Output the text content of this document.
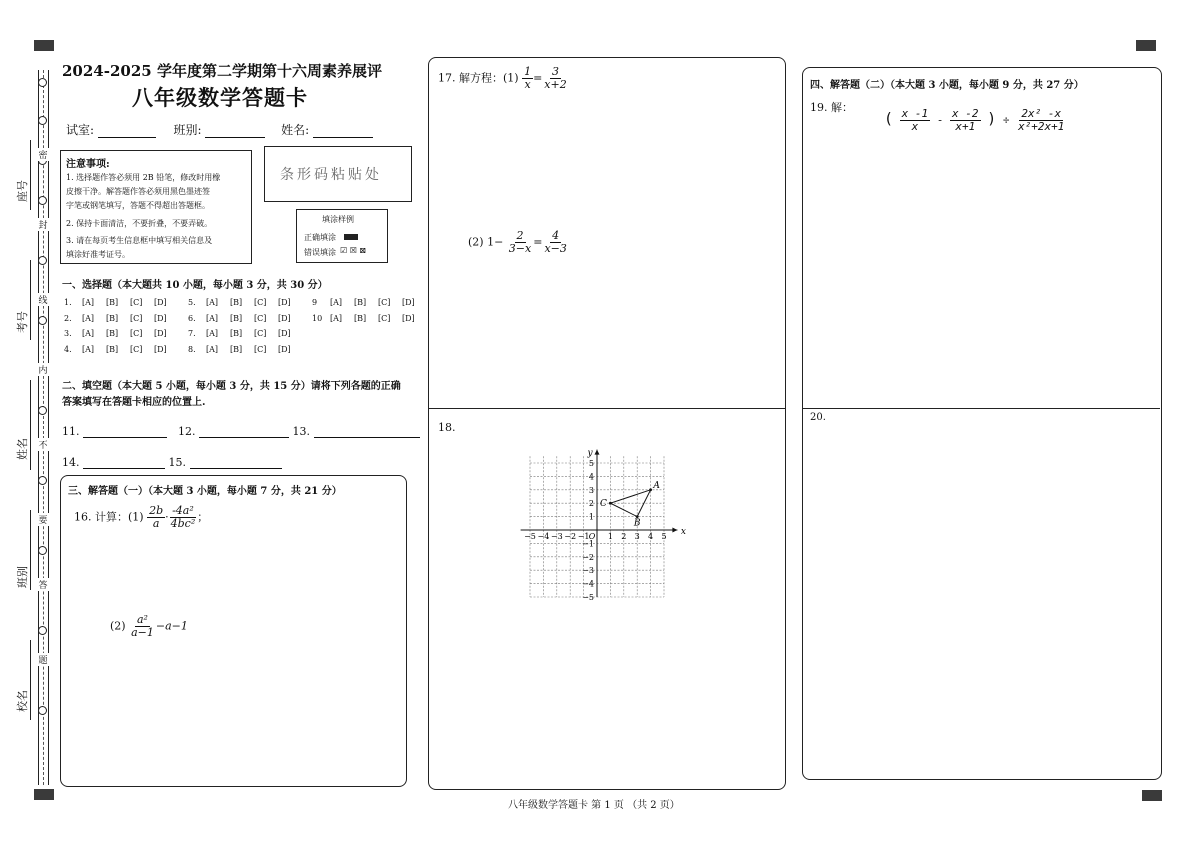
密
封
线
内
不
要
答
题
座号
考号
姓名
班别
校名
2024-2025 学年度第二学期第十六周素养展评
八年级数学答题卡
试室:	班别:	姓名:
注意事项:
1. 选择题作答必须用 2B 铅笔，修改时用橡
皮擦干净。解答题作答必须用黑色墨迹签
字笔或钢笔填写，答题不得超出答题框。
2. 保持卡面清洁，不要折叠，不要弄破。
3. 请在每页考生信息框中填写相关信息及
填涂好准考证号。
条形码粘贴处
填涂样例
正确填涂
错误填涂 ☑ ☒ ⊠
一、选择题（本大题共 10 小题，每小题 3 分，共 30 分）
1. [A] [B] [C] [D]
2. [A] [B] [C] [D]
3. [A] [B] [C] [D]
4. [A] [B] [C] [D]
5. [A] [B] [C] [D]
6. [A] [B] [C] [D]
7. [A] [B] [C] [D]
8. [A] [B] [C] [D]
9 [A] [B] [C] [D]
10 [A] [B] [C] [D]
二、填空题（本大题 5 小题，每小题 3 分，共 15 分）请将下列各题的正确
答案填写在答题卡相应的位置上.
11.	12.	13.
14.	15.
三、解答题（一）（本大题 3 小题，每小题 7 分，共 21 分）
16. 计算：$(1) \frac{2b}{a} \cdot \frac{\text{-4a²}}{\text{4bc²}}$ ；
$(2) \frac{\text{a²}}{a-1} -a-1$
17. 解方程：$(1) \frac{1}{x} = \frac{3}{x+2}$
(2) $1- \frac{2}{3-x} = \frac{4}{x-3}$
18.
−5 −4 −3 −2 −1 1 2 3 4 5
5
4
3
2
1
−1
−2
−3
−4
−5
O	x
y
A
B
C
四、解答题（二）（本大题 3 小题，每小题 9 分，共 27 分）
19. 解：
( $\frac{x -1}{x} - \frac{x -2}{x+1}$ ) ÷ $\frac{\text{2x² -x}}{\text{x²+2x+1}}$
20.
八年级数学答题卡 第 1 页 （共 2 页）
